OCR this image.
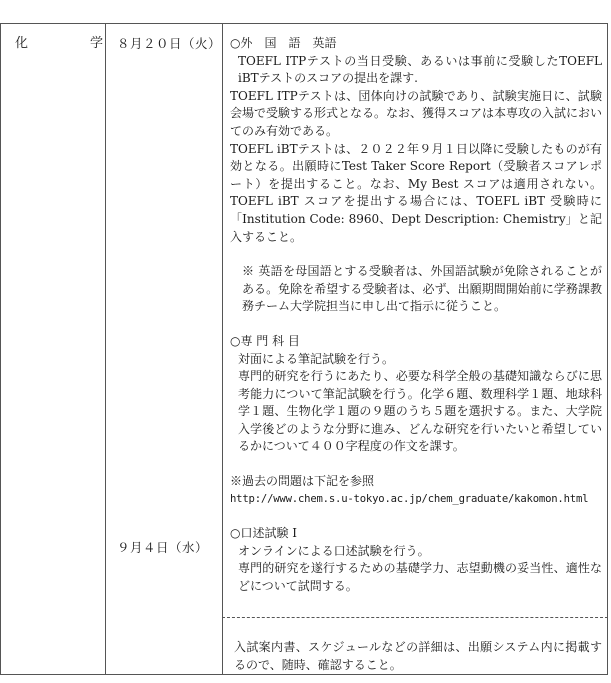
化	学 ８月２０日（火）
９月４日（水）

○外　国　語　英語

TOEFL ITPテストの当日受験、あるいは事前に受験したTOEFL iBTテストのスコアの提出を課す.

TOEFL ITPテストは、団体向けの試験であり、試験実施日に、試験会場で受験する形式となる。なお、獲得スコアは本専攻の入試においてのみ有効である。

TOEFL iBTテストは、２０２２年９月１日以降に受験したものが有効となる。出願時にTest Taker Score Report（受験者スコアレポート）を提出すること。なお、My Best スコアは適用されない。TOEFL iBT スコアを提出する場合には、TOEFL iBT 受験時に「Institution Code: 8960、Dept Description: Chemistry」と記入すること。

※ 英語を母国語とする受験者は、外国語試験が免除されることがある。免除を希望する受験者は、必ず、出願期間開始前に学務課教務チーム大学院担当に申し出て指示に従うこと。

○専 門 科 目

対面による筆記試験を行う。

専門的研究を行うにあたり、必要な科学全般の基礎知識ならびに思考能力について筆記試験を行う。化学６題、数理科学１題、地球科学１題、生物化学１題の９題のうち５題を選択する。また、大学院入学後どのような分野に進み、どんな研究を行いたいと希望しているかについて４００字程度の作文を課す。

※過去の問題は下記を参照

http://www.chem.s.u-tokyo.ac.jp/chem_graduate/kakomon.html

○口述試験 Ⅰ

オンラインによる口述試験を行う。

専門的研究を遂行するための基礎学力、志望動機の妥当性、適性などについて試問する。

入試案内書、スケジュールなどの詳細は、出願システム内に掲載するので、随時、確認すること。
